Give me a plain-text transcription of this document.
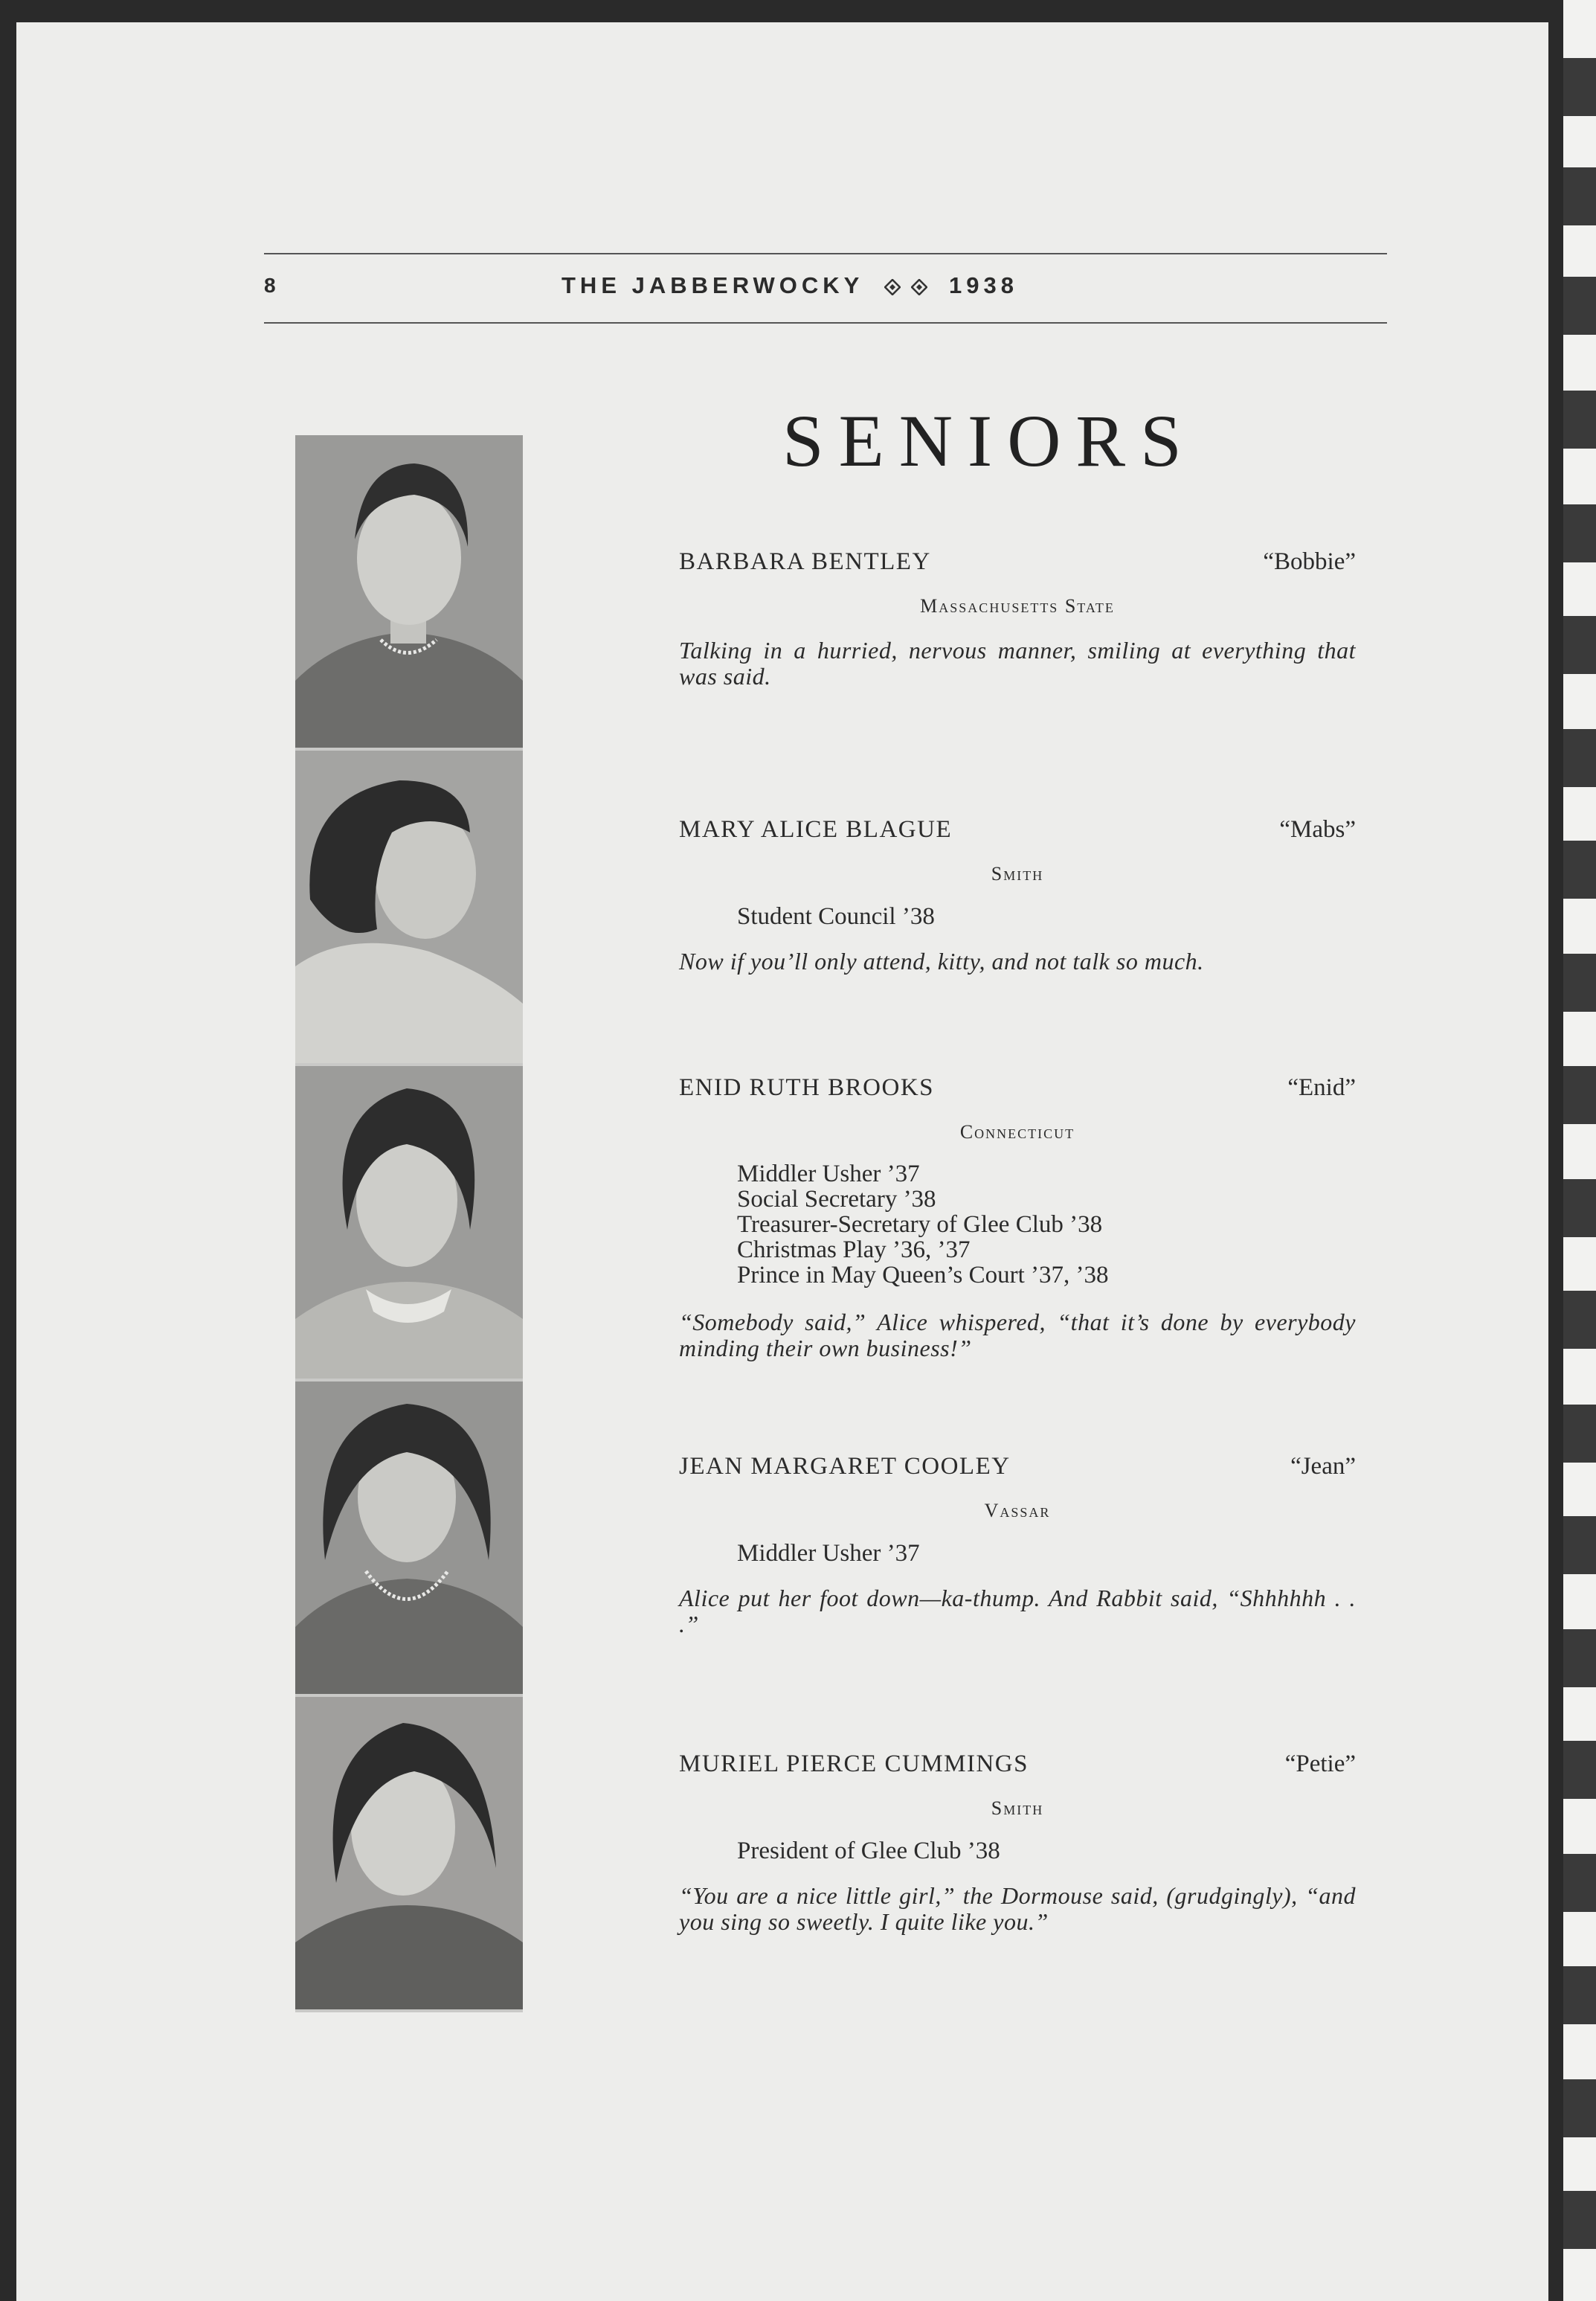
8	THE JABBERWOCKY	1938
SENIORS
BARBARA BENTLEY	“Bobbie”
Massachusetts State
Talking in a hurried, nervous manner, smiling at everything that was said.
MARY ALICE BLAGUE	“Mabs”
Smith
Student Council ’38
Now if you’ll only attend, kitty, and not talk so much.
ENID RUTH BROOKS	“Enid”
Connecticut
Middler Usher ’37
Social Secretary ’38
Treasurer-Secretary of Glee Club ’38
Christmas Play ’36, ’37
Prince in May Queen’s Court ’37, ’38
“Somebody said,” Alice whispered, “that it’s done by everybody minding their own business!”
JEAN MARGARET COOLEY	“Jean”
Vassar
Middler Usher ’37
Alice put her foot down—ka-thump. And Rabbit said, “Shhhhhh . . .”
MURIEL PIERCE CUMMINGS	“Petie”
Smith
President of Glee Club ’38
“You are a nice little girl,” the Dormouse said, (grudgingly), “and you sing so sweetly. I quite like you.”
